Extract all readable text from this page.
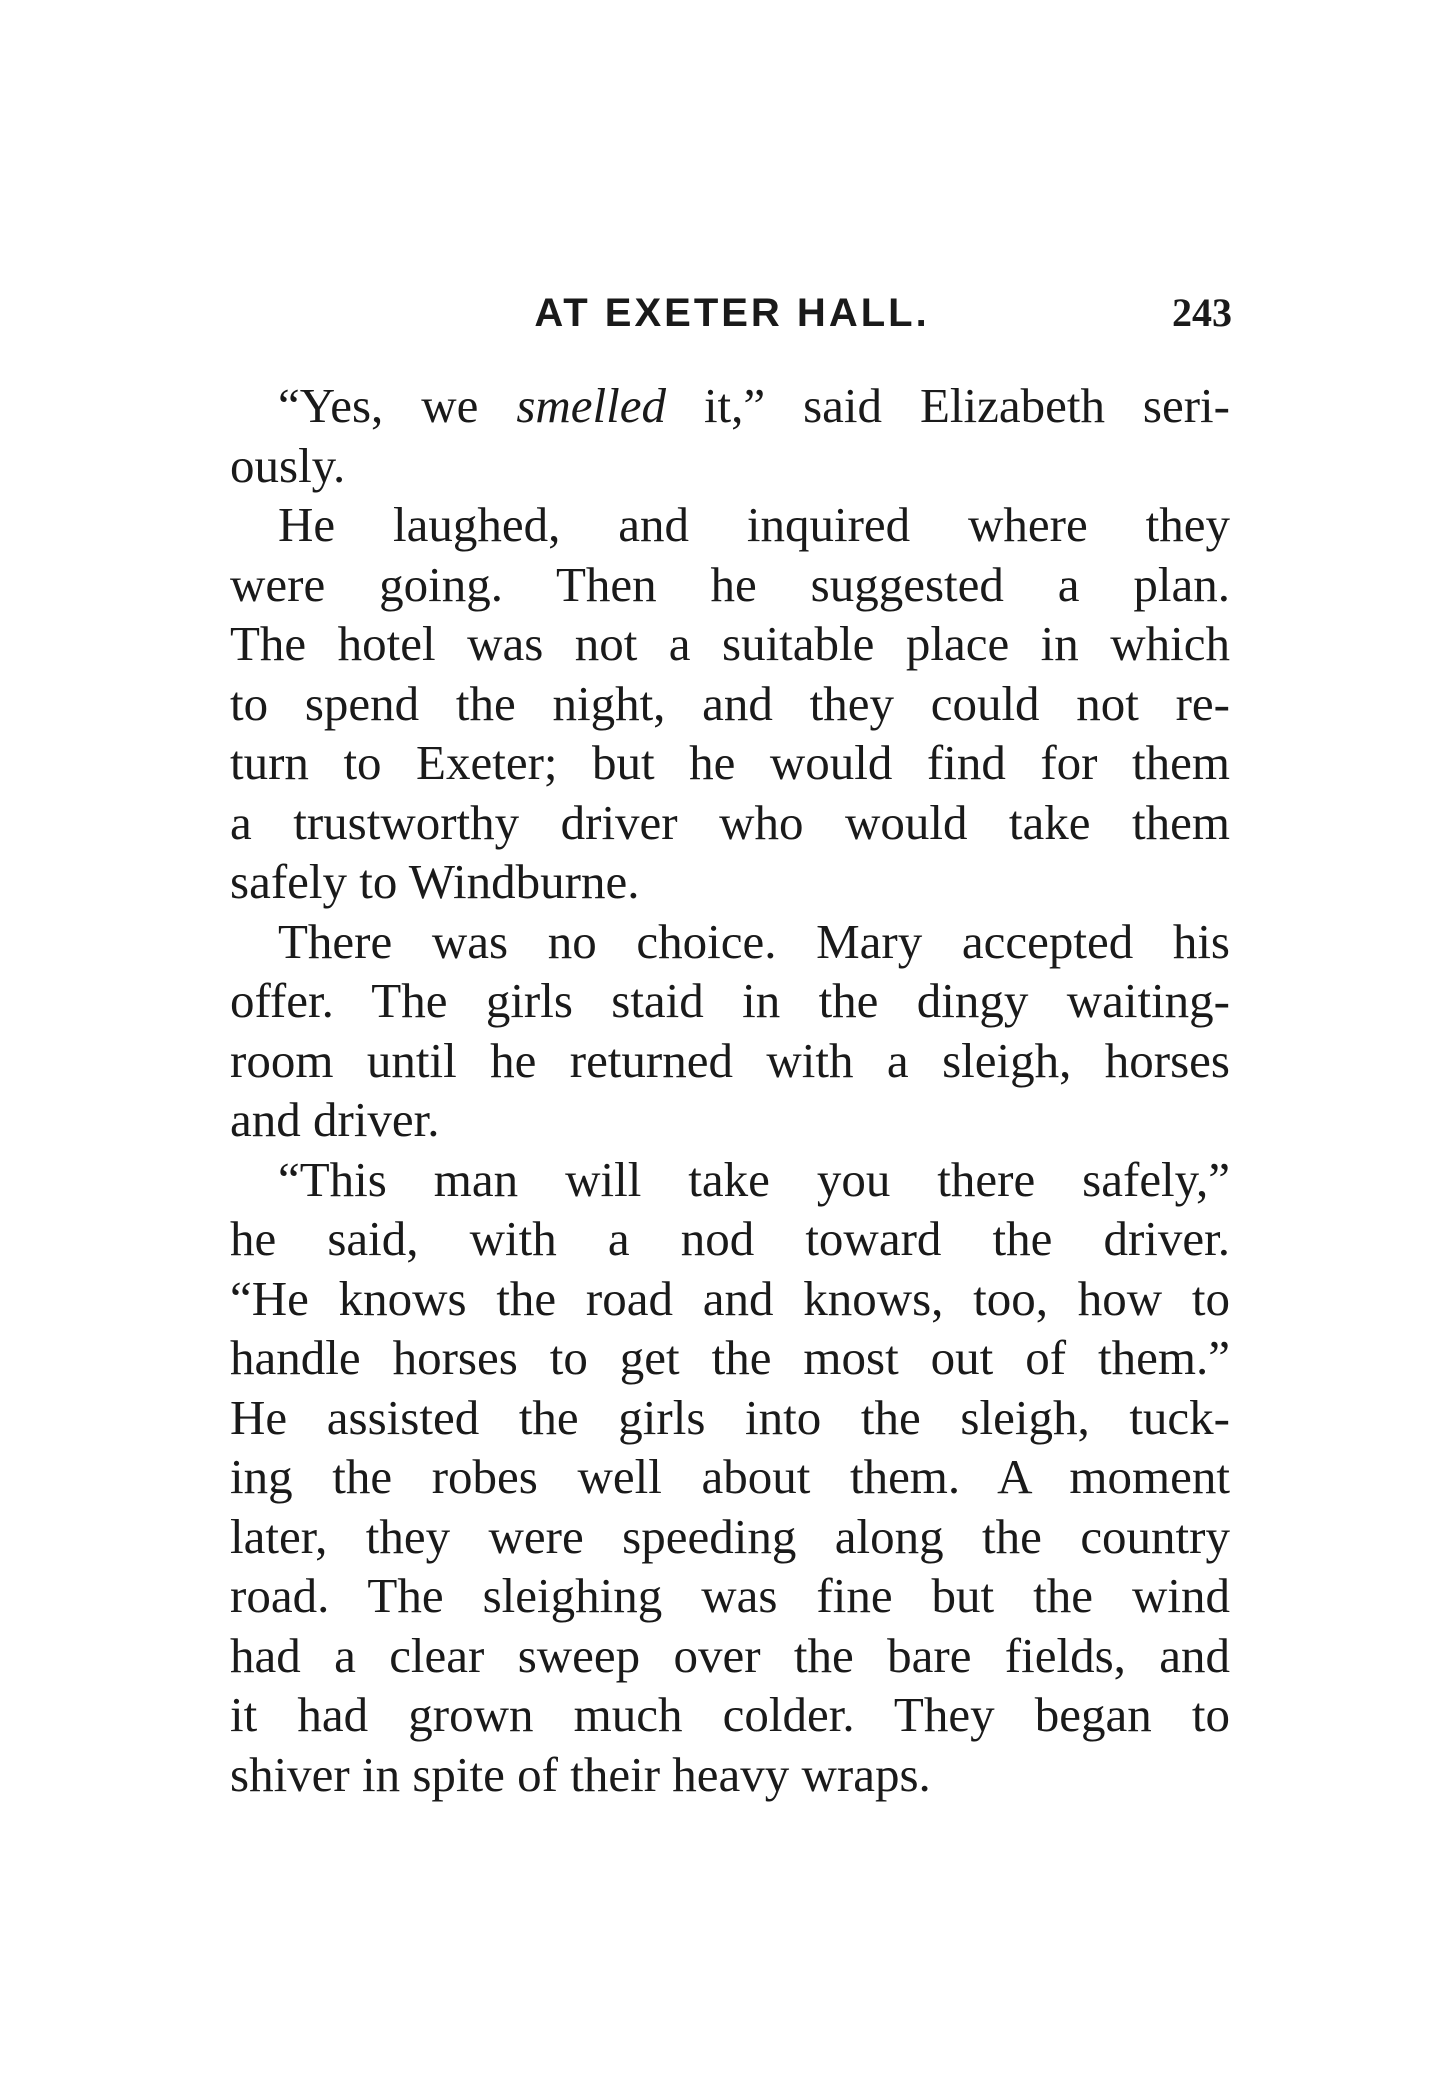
AT EXETER HALL.	243
“Yes, we smelled it,” said Elizabeth seri-
ously.
He laughed, and inquired where they
were going. Then he suggested a plan.
The hotel was not a suitable place in which
to spend the night, and they could not re-
turn to Exeter; but he would find for them
a trustworthy driver who would take them
safely to Windburne.
There was no choice. Mary accepted his
offer. The girls staid in the dingy waiting-
room until he returned with a sleigh, horses
and driver.
“This man will take you there safely,”
he said, with a nod toward the driver.
“He knows the road and knows, too, how to
handle horses to get the most out of them.”
He assisted the girls into the sleigh, tuck-
ing the robes well about them. A moment
later, they were speeding along the country
road. The sleighing was fine but the wind
had a clear sweep over the bare fields, and
it had grown much colder. They began to
shiver in spite of their heavy wraps.
